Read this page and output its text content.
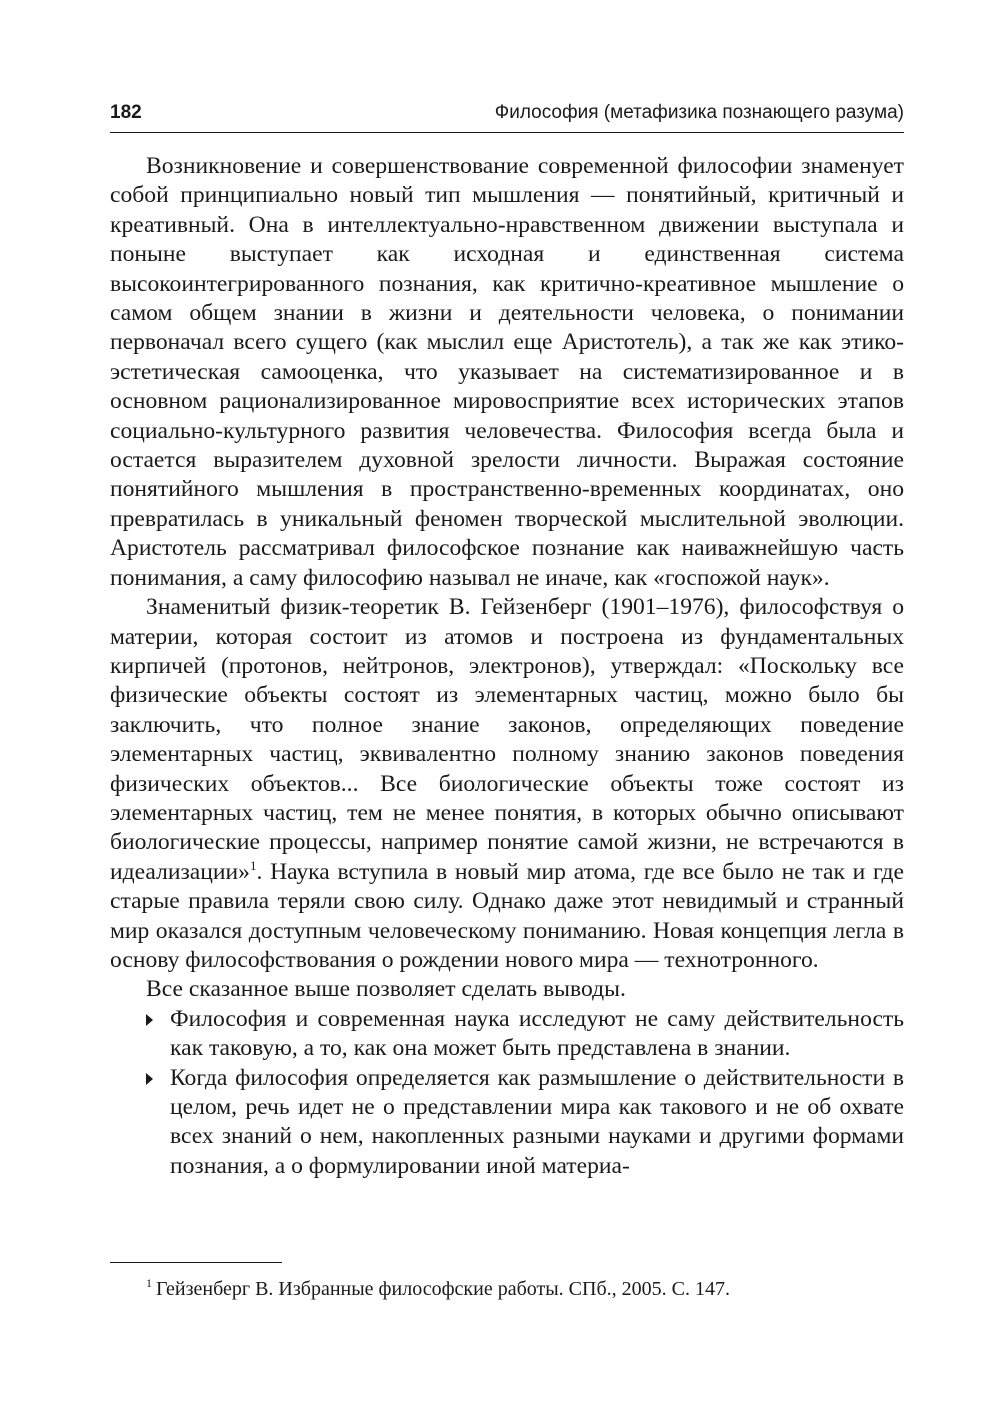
182	Философия (метафизика познающего разума)

Возникновение и совершенствование современной философии знаменует собой принципиально новый тип мышления — понятийный, критичный и креативный. Она в интеллектуально-нравственном движении выступала и поныне выступает как исходная и единственная система высокоинтегрированного познания, как критично-креативное мышление о самом общем знании в жизни и деятельности человека, о понимании первоначал всего сущего (как мыслил еще Аристотель), а так же как этико-эстетическая самооценка, что указывает на систематизированное и в основном рационализированное мировосприятие всех исторических этапов социально-культурного развития человечества. Философия всегда была и остается выразителем духовной зрелости личности. Выражая состояние понятийного мышления в пространственно-временных координатах, оно превратилась в уникальный феномен творческой мыслительной эволюции. Аристотель рассматривал философское познание как наиважнейшую часть понимания, а саму философию называл не иначе, как «госпожой наук».

Знаменитый физик-теоретик В. Гейзенберг (1901–1976), философствуя о материи, которая состоит из атомов и построена из фундаментальных кирпичей (протонов, нейтронов, электронов), утверждал: «Поскольку все физические объекты состоят из элементарных частиц, можно было бы заключить, что полное знание законов, определяющих поведение элементарных частиц, эквивалентно полному знанию законов поведения физических объектов... Все биологические объекты тоже состоят из элементарных частиц, тем не менее понятия, в которых обычно описывают биологические процессы, например понятие самой жизни, не встречаются в идеализации»$^1$. Наука вступила в новый мир атома, где все было не так и где старые правила теряли свою силу. Однако даже этот невидимый и странный мир оказался доступным человеческому пониманию. Новая концепция легла в основу философствования о рождении нового мира — технотронного.

Все сказанное выше позволяет сделать выводы.

Философия и современная наука исследуют не саму действительность как таковую, а то, как она может быть представлена в знании.
Когда философия определяется как размышление о действительности в целом, речь идет не о представлении мира как такового и не об охвате всех знаний о нем, накопленных разными науками и другими формами познания, а о формулировании иной материа-
$^1$ Гейзенберг В. Избранные философские работы. СПб., 2005. С. 147.
